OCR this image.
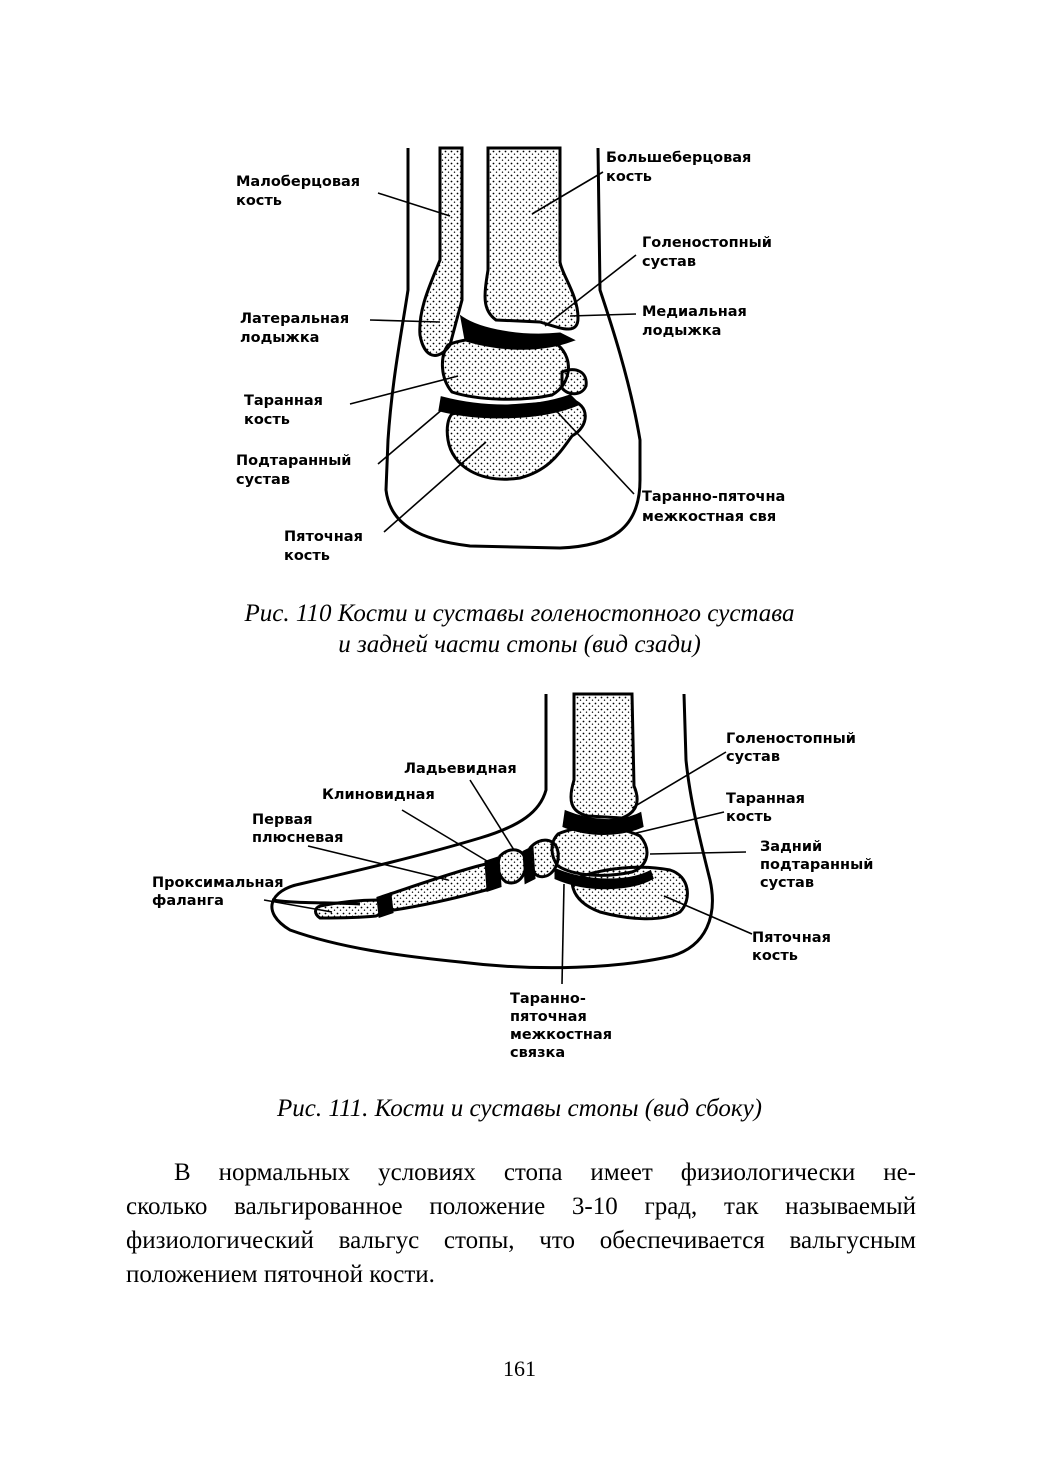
Малоберцовая
кость
Большеберцовая
кость
Голеностопный
сустав
Латеральная
лодыжка
Медиальная
лодыжка
Таранная
кость
Подтаранный
сустав
Пяточная
кость
Таранно-пяточна
межкостная свя
Голеностопный
сустав
Ладьевидная
Клиновидная	Таранная
кость
Первая
плюсневая
Задний
подтаранный
сустав
Проксимальная
фаланга
Пяточная
кость
Таранно-
пяточная
межкостная
связка
Рис. 110 Кости и суставы голеностопного сустава
и задней части стопы (вид сзади)
Рис. 111. Кости и суставы стопы (вид сбоку)
В нормальных условиях стопа имеет физиологически не-
сколько вальгированное положение 3-10 град, так называемый
физиологический вальгус стопы, что обеспечивается вальгусным
положением пяточной кости.
161
